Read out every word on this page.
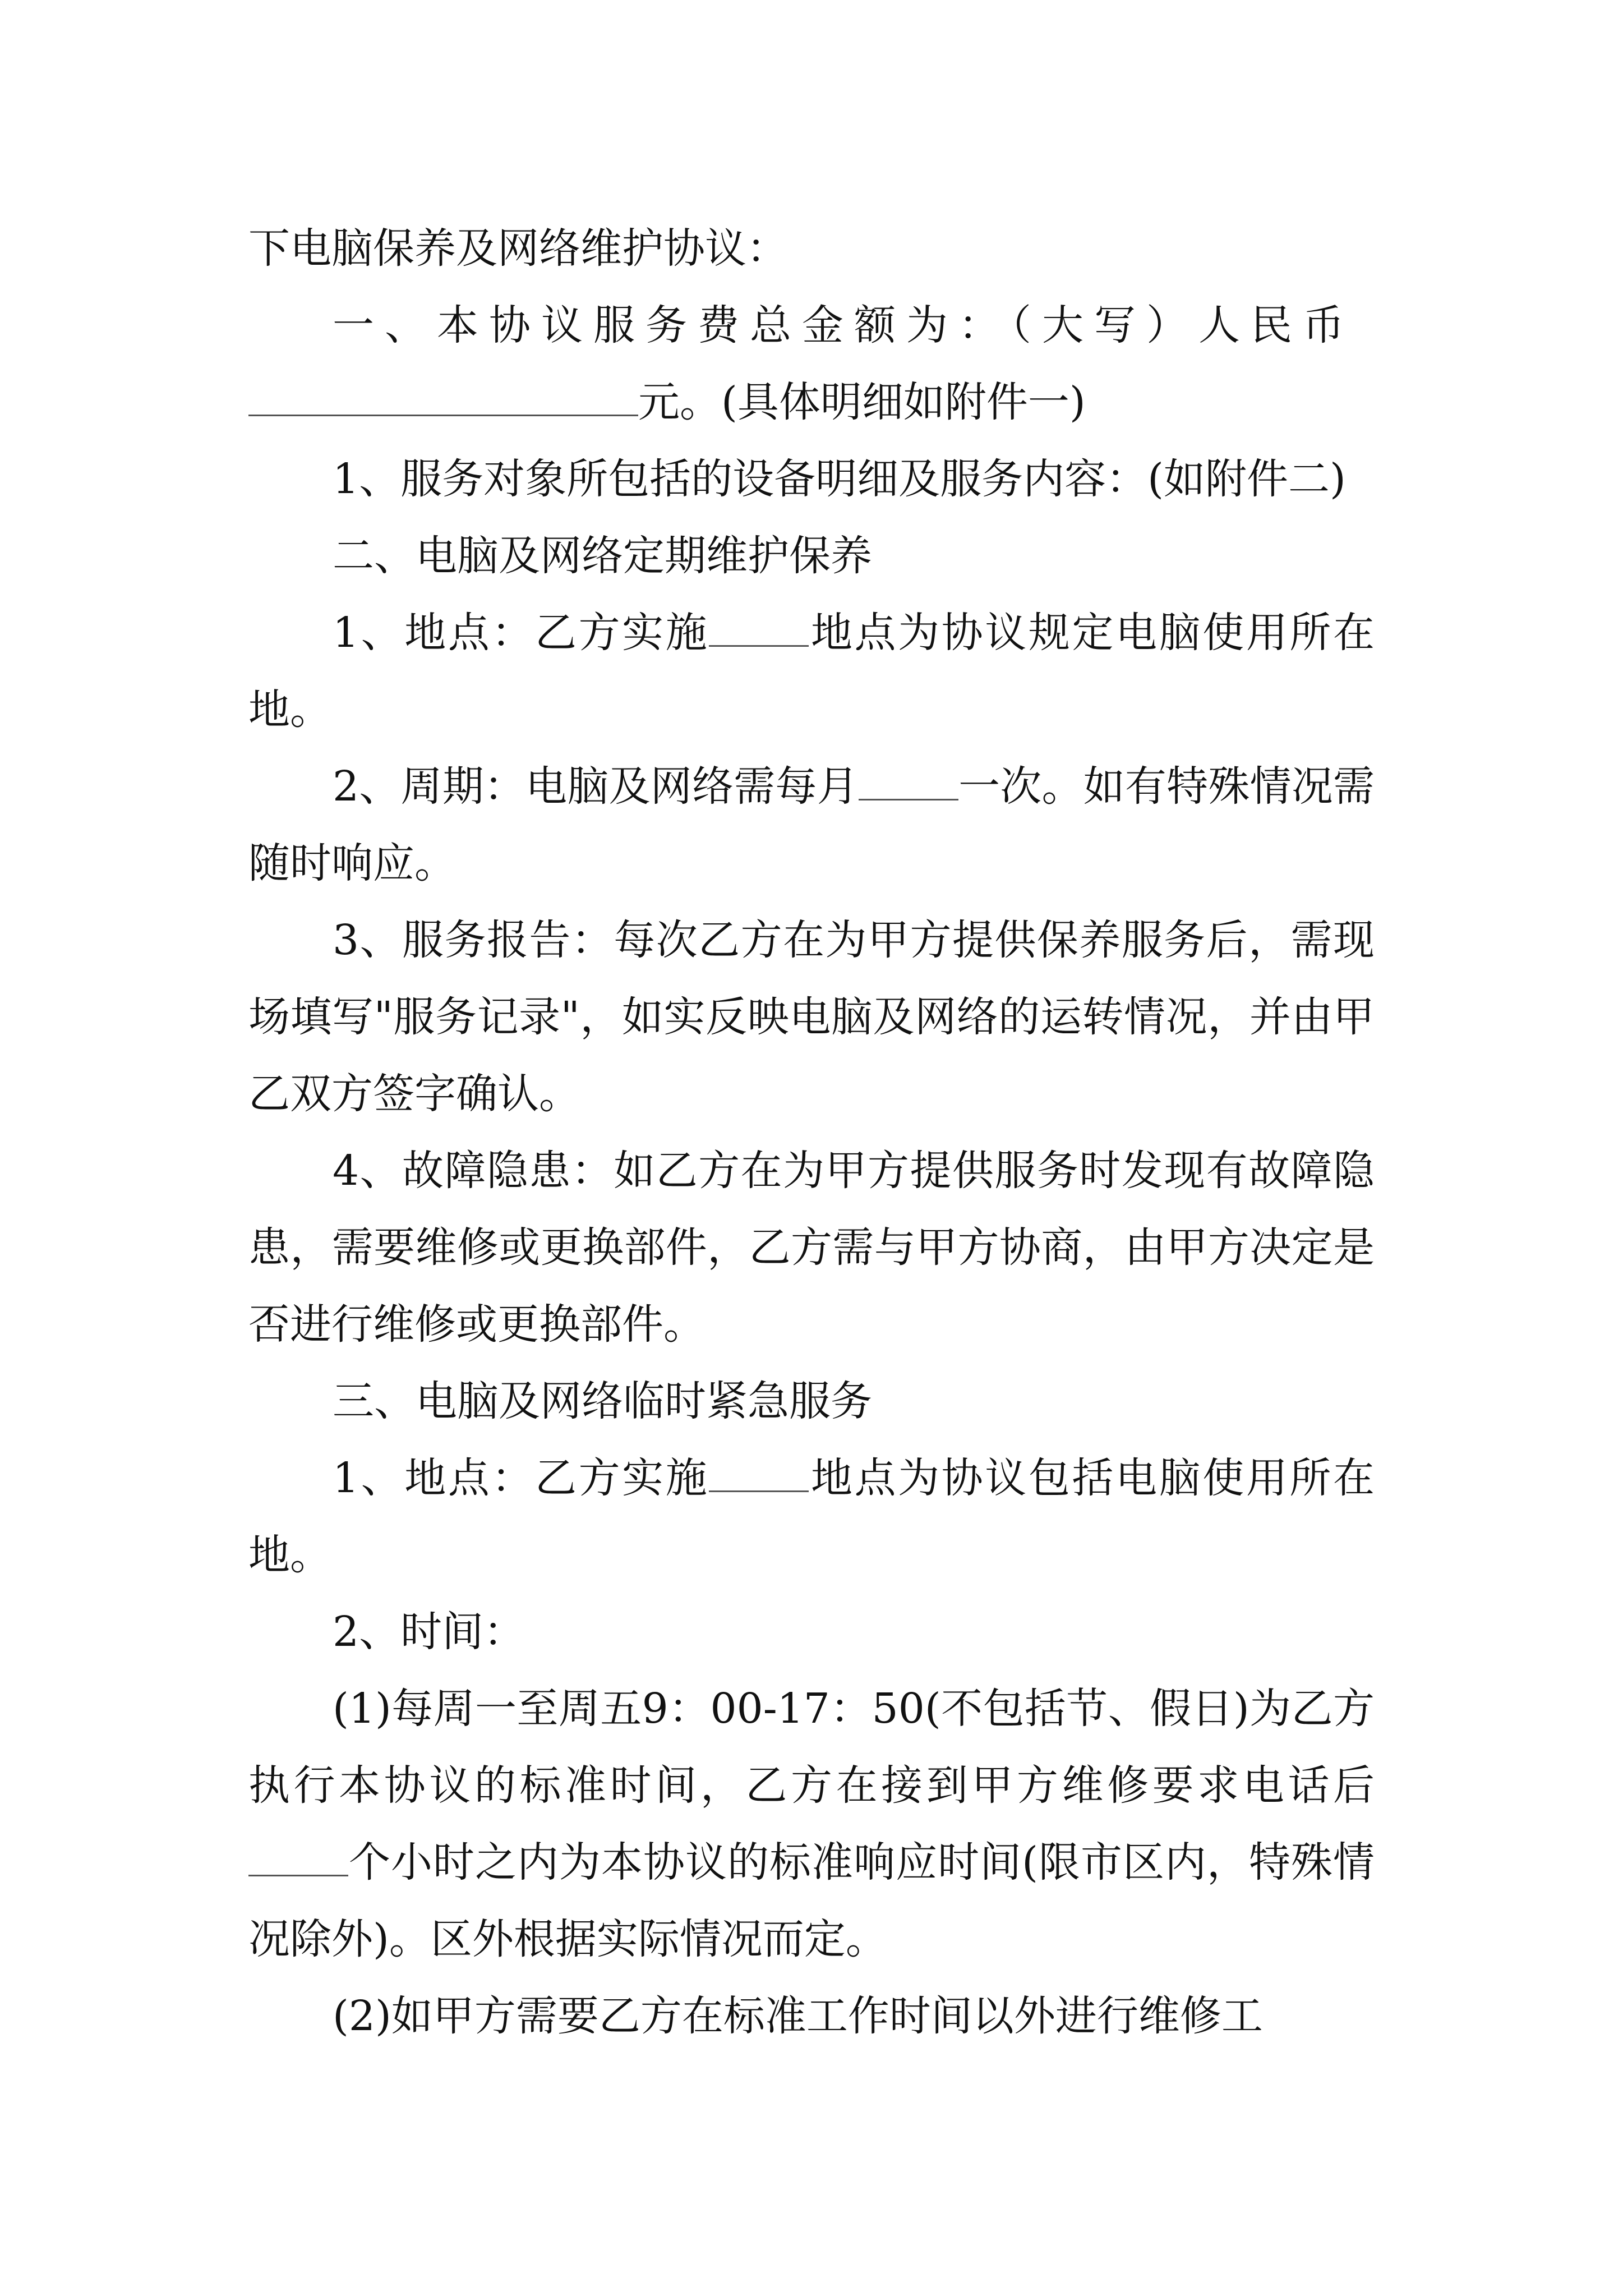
下电脑保养及网络维护协议：

一、本协议服务费总金额为：（大写）人民币

元。(具体明细如附件一)

1、服务对象所包括的设备明细及服务内容：(如附件二)

二、电脑及网络定期维护保养

1、地点：乙方实施 地点为协议规定电脑使用所在地。

2、周期：电脑及网络需每月 一次。如有特殊情况需随时响应。

3、服务报告：每次乙方在为甲方提供保养服务后，需现场填写"服务记录"，如实反映电脑及网络的运转情况，并由甲乙双方签字确认。

4、故障隐患：如乙方在为甲方提供服务时发现有故障隐患，需要维修或更换部件，乙方需与甲方协商，由甲方决定是否进行维修或更换部件。

三、电脑及网络临时紧急服务

1、地点：乙方实施 地点为协议包括电脑使用所在地。

2、时间：

(1)每周一至周五9：00-17：50(不包括节、假日)为乙方执行本协议的标准时间，乙方在接到甲方维修要求电话后个小时之内为本协议的标准响应时间(限市区内，特殊情况除外)。区外根据实际情况而定。

(2)如甲方需要乙方在标准工作时间以外进行维修工
